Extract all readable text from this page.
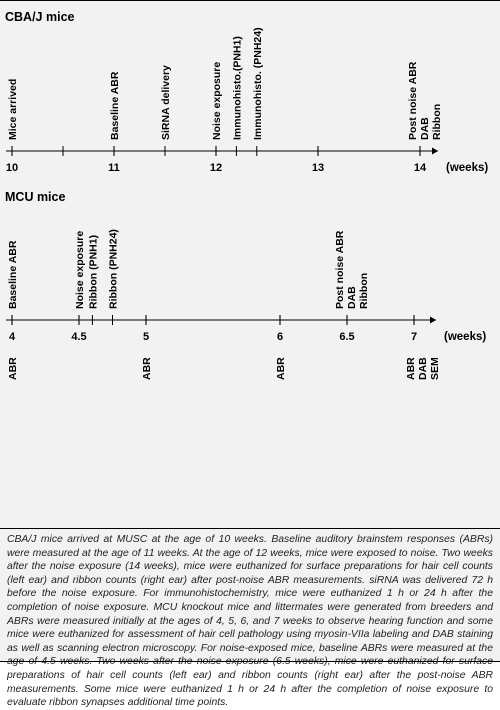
CBA/J mice
(weeks)
10	11	12	13	14
Mice arrived	Baseline ABR	SiRNA delivery	Noise exposure Immunohisto.(PNH1) Immunohisto. (PNH24)	Post noise ABR DAB Ribbon
MCU mice
(weeks)
4	4.5	5	6	6.5	7
Baseline ABR	Noise exposure Ribbon (PNH1) Ribbon (PNH24)	Post noise ABR DAB Ribbon
ABR	ABR	ABR	ABR DAB SEM

CBA/J mice arrived at MUSC at the age of 10 weeks. Baseline auditory brainstem responses (ABRs) were measured at the age of 11 weeks. At the age of 12 weeks, mice were exposed to noise. Two weeks after the noise exposure (14 weeks), mice were euthanized for surface preparations for hair cell counts (left ear) and ribbon counts (right ear) after post-noise ABR measurements. siRNA was delivered 72 h before the noise exposure. For immunohistochemistry, mice were euthanized 1 h or 24 h after the completion of noise exposure. MCU knockout mice and littermates were generated from breeders and ABRs were measured initially at the ages of 4, 5, 6, and 7 weeks to observe hearing function and some mice were euthanized for assessment of hair cell pathology using myosin-VIIa labeling and DAB staining as well as scanning electron microscopy. For noise-exposed mice, baseline ABRs were measured at the preparations of hair cell counts (left ear) and ribbon counts (right ear) after the post-noise ABR measurements. Some mice were euthanized 1 h or 24 h after the completion of noise exposure to evaluate ribbon synapses additional time points.
